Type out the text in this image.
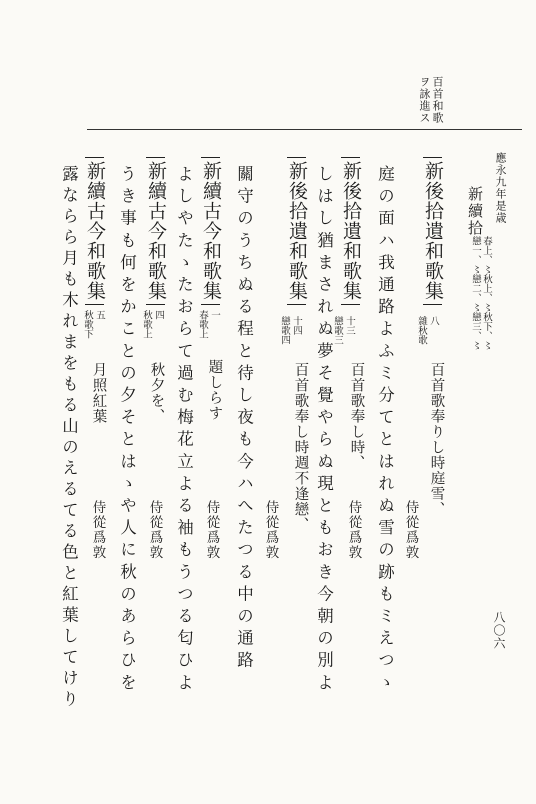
百首和歌
ヲ詠進ス
應永九年是歳
新續拾
春上、〻秋上、〻秋下、〻
戀一、〻戀二、〻戀三、〻
新後拾遺和歌集
八
雜秋歌
百首歌奉りし時庭雪、
侍從爲敦
庭の面ハ我通路よふミ分てとはれぬ雪の跡もミえつゝ
新後拾遺和歌集
十三
戀歌三
百首歌奉し時、
侍從爲敦
しはし猶まされぬ夢そ覺やらぬ現ともおき今朝の別よ
新後拾遺和歌集
十四
戀歌四
百首歌奉し時週不逢戀、
侍從爲敦
關守のうちぬる程と待し夜も今ハへたつる中の通路
新續古今和歌集
一
春歌上
題しらす
侍從爲敦
よしやたゝたおらて過む梅花立よる袖もうつる匂ひよ
新續古今和歌集
四
秋歌上
秋夕を、
侍從爲敦
うき事も何をかことの夕そとはゝや人に秋のあらひを
新續古今和歌集
五
秋歌下
月照紅葉
侍從爲敦
露ならら月も木れまをもる山のえるてる色と紅葉してけり	八〇六
